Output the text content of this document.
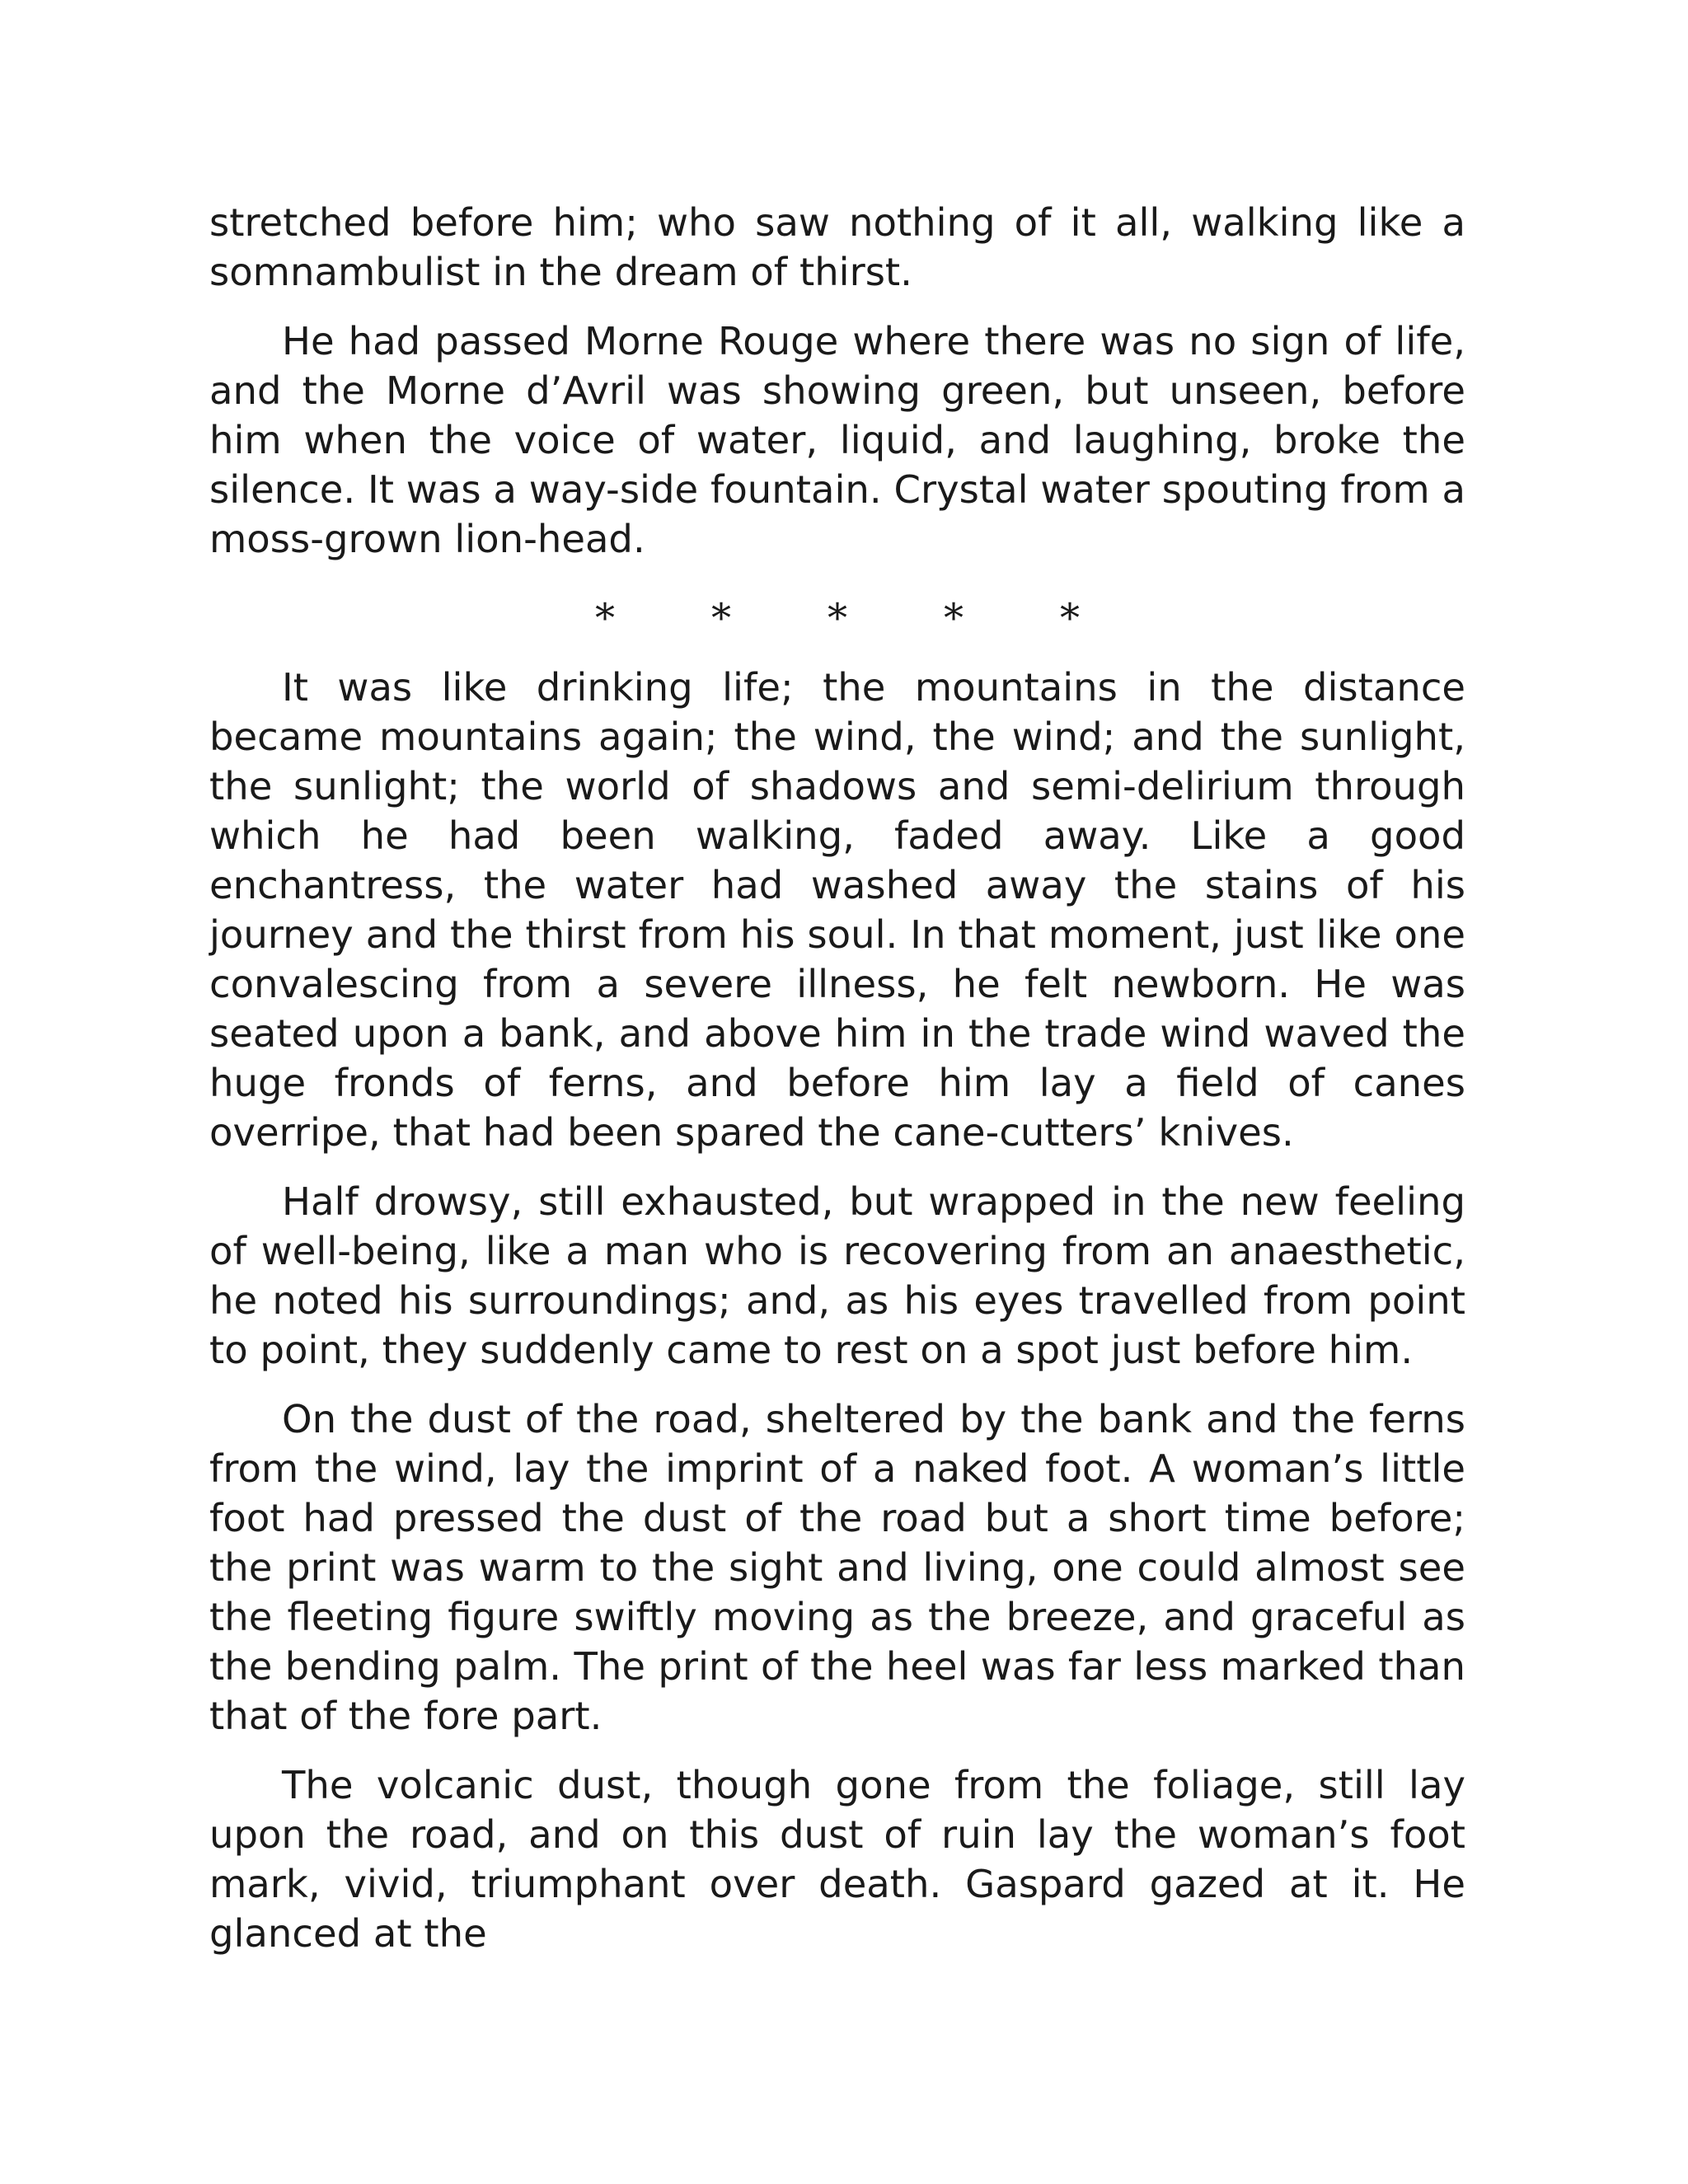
stretched before him; who saw nothing of it all, walking like a somnambulist in the dream of thirst.

He had passed Morne Rouge where there was no sign of life, and the Morne d’Avril was showing green, but unseen, before him when the voice of water, liquid, and laughing, broke the silence. It was a way-side fountain. Crystal water spouting from a moss-grown lion-head.

* * * * *

It was like drinking life; the mountains in the distance became mountains again; the wind, the wind; and the sunlight, the sunlight; the world of shadows and semi-delirium through which he had been walking, faded away. Like a good enchantress, the water had washed away the stains of his journey and the thirst from his soul. In that moment, just like one convalescing from a severe illness, he felt newborn. He was seated upon a bank, and above him in the trade wind waved the huge fronds of ferns, and before him lay a field of canes overripe, that had been spared the cane-cutters’ knives.

Half drowsy, still exhausted, but wrapped in the new feeling of well-being, like a man who is recovering from an anaesthetic, he noted his surroundings; and, as his eyes travelled from point to point, they suddenly came to rest on a spot just before him.

On the dust of the road, sheltered by the bank and the ferns from the wind, lay the imprint of a naked foot. A woman’s little foot had pressed the dust of the road but a short time before; the print was warm to the sight and living, one could almost see the fleeting figure swiftly moving as the breeze, and graceful as the bending palm. The print of the heel was far less marked than that of the fore part.

The volcanic dust, though gone from the foliage, still lay upon the road, and on this dust of ruin lay the woman’s foot mark, vivid, triumphant over death. Gaspard gazed at it. He glanced at the
